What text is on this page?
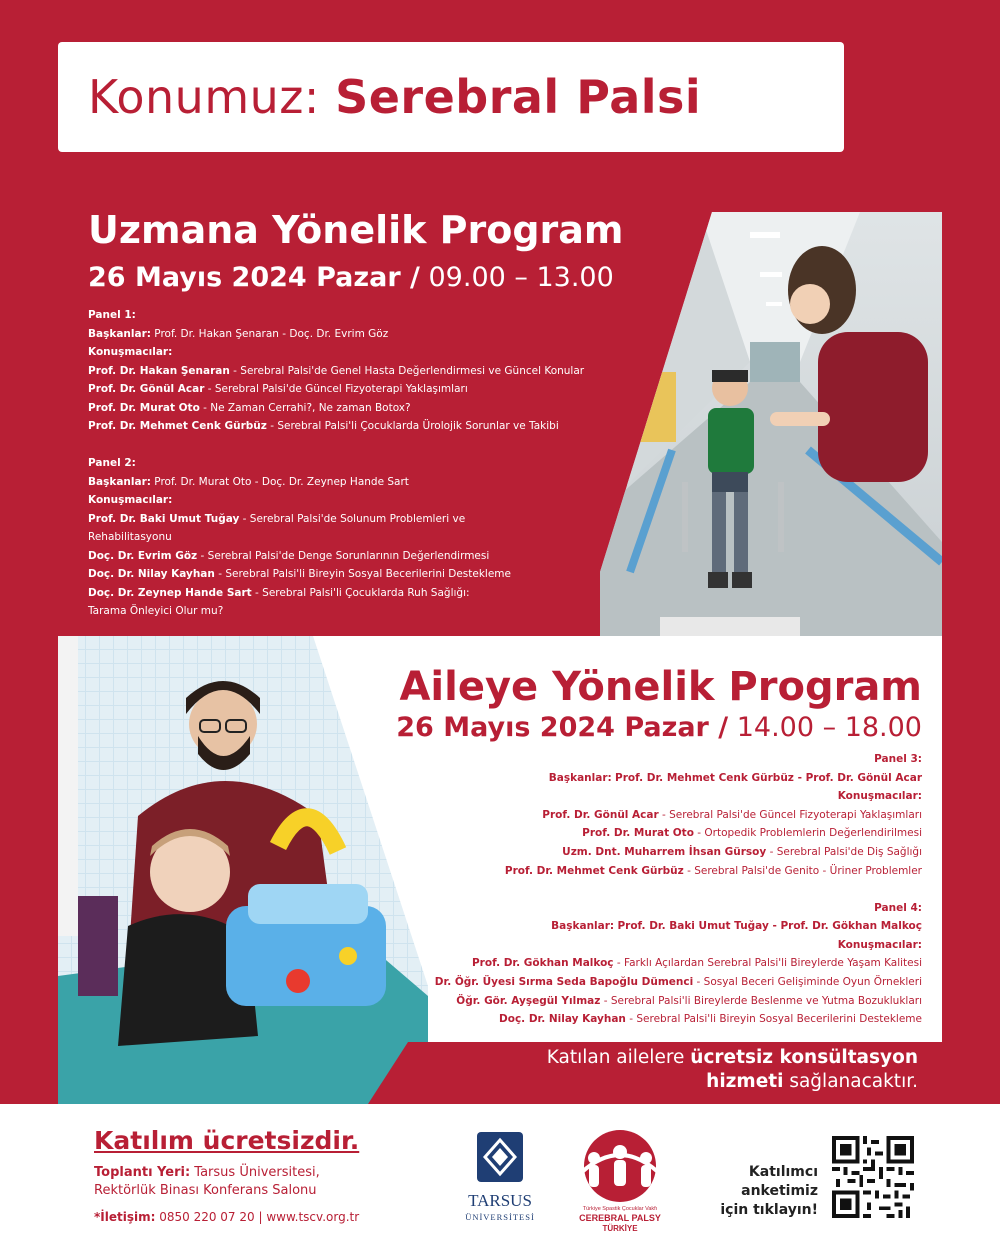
Konumuz: Serebral Palsi
Uzmana Yönelik Program
26 Mayıs 2024 Pazar / 09.00 – 13.00
Panel 1:
Başkanlar: Prof. Dr. Hakan Şenaran - Doç. Dr. Evrim Göz
Konuşmacılar:
Prof. Dr. Hakan Şenaran - Serebral Palsi'de Genel Hasta Değerlendirmesi ve Güncel Konular
Prof. Dr. Gönül Acar - Serebral Palsi'de Güncel Fizyoterapi Yaklaşımları
Prof. Dr. Murat Oto - Ne Zaman Cerrahi?, Ne zaman Botox?
Prof. Dr. Mehmet Cenk Gürbüz - Serebral Palsi'li Çocuklarda Ürolojik Sorunlar ve Takibi
Panel 2:
Başkanlar: Prof. Dr. Murat Oto - Doç. Dr. Zeynep Hande Sart
Konuşmacılar:
Prof. Dr. Baki Umut Tuğay - Serebral Palsi'de Solunum Problemleri ve
Rehabilitasyonu
Doç. Dr. Evrim Göz - Serebral Palsi'de Denge Sorunlarının Değerlendirmesi
Doç. Dr. Nilay Kayhan - Serebral Palsi'li Bireyin Sosyal Becerilerini Destekleme
Doç. Dr. Zeynep Hande Sart - Serebral Palsi'li Çocuklarda Ruh Sağlığı:
Tarama Önleyici Olur mu?
Aileye Yönelik Program
26 Mayıs 2024 Pazar / 14.00 – 18.00
Panel 3:
Başkanlar: Prof. Dr. Mehmet Cenk Gürbüz - Prof. Dr. Gönül Acar
Konuşmacılar:
Prof. Dr. Gönül Acar - Serebral Palsi'de Güncel Fizyoterapi Yaklaşımları
Prof. Dr. Murat Oto - Ortopedik Problemlerin Değerlendirilmesi
Uzm. Dnt. Muharrem İhsan Gürsoy - Serebral Palsi'de Diş Sağlığı
Prof. Dr. Mehmet Cenk Gürbüz - Serebral Palsi'de Genito - Üriner Problemler
Panel 4:
Başkanlar: Prof. Dr. Baki Umut Tuğay - Prof. Dr. Gökhan Malkoç
Konuşmacılar:
Prof. Dr. Gökhan Malkoç - Farklı Açılardan Serebral Palsi'li Bireylerde Yaşam Kalitesi
Dr. Öğr. Üyesi Sırma Seda Bapoğlu Dümenci - Sosyal Beceri Gelişiminde Oyun Örnekleri
Öğr. Gör. Ayşegül Yılmaz - Serebral Palsi'li Bireylerde Beslenme ve Yutma Bozuklukları
Doç. Dr. Nilay Kayhan - Serebral Palsi'li Bireyin Sosyal Becerilerini Destekleme
Katılan ailelere ücretsiz konsültasyon
hizmeti sağlanacaktır.
Katılım ücretsizdir.
Toplantı Yeri: Tarsus Üniversitesi,
Rektörlük Binası Konferans Salonu
*İletişim: 0850 220 07 20 | www.tscv.org.tr
TARSUS
ÜNİVERSİTESİ
Türkiye Spastik Çocuklar Vakfı
CEREBRAL PALSY
TÜRKİYE
Katılımcı
anketimiz
için tıklayın!
